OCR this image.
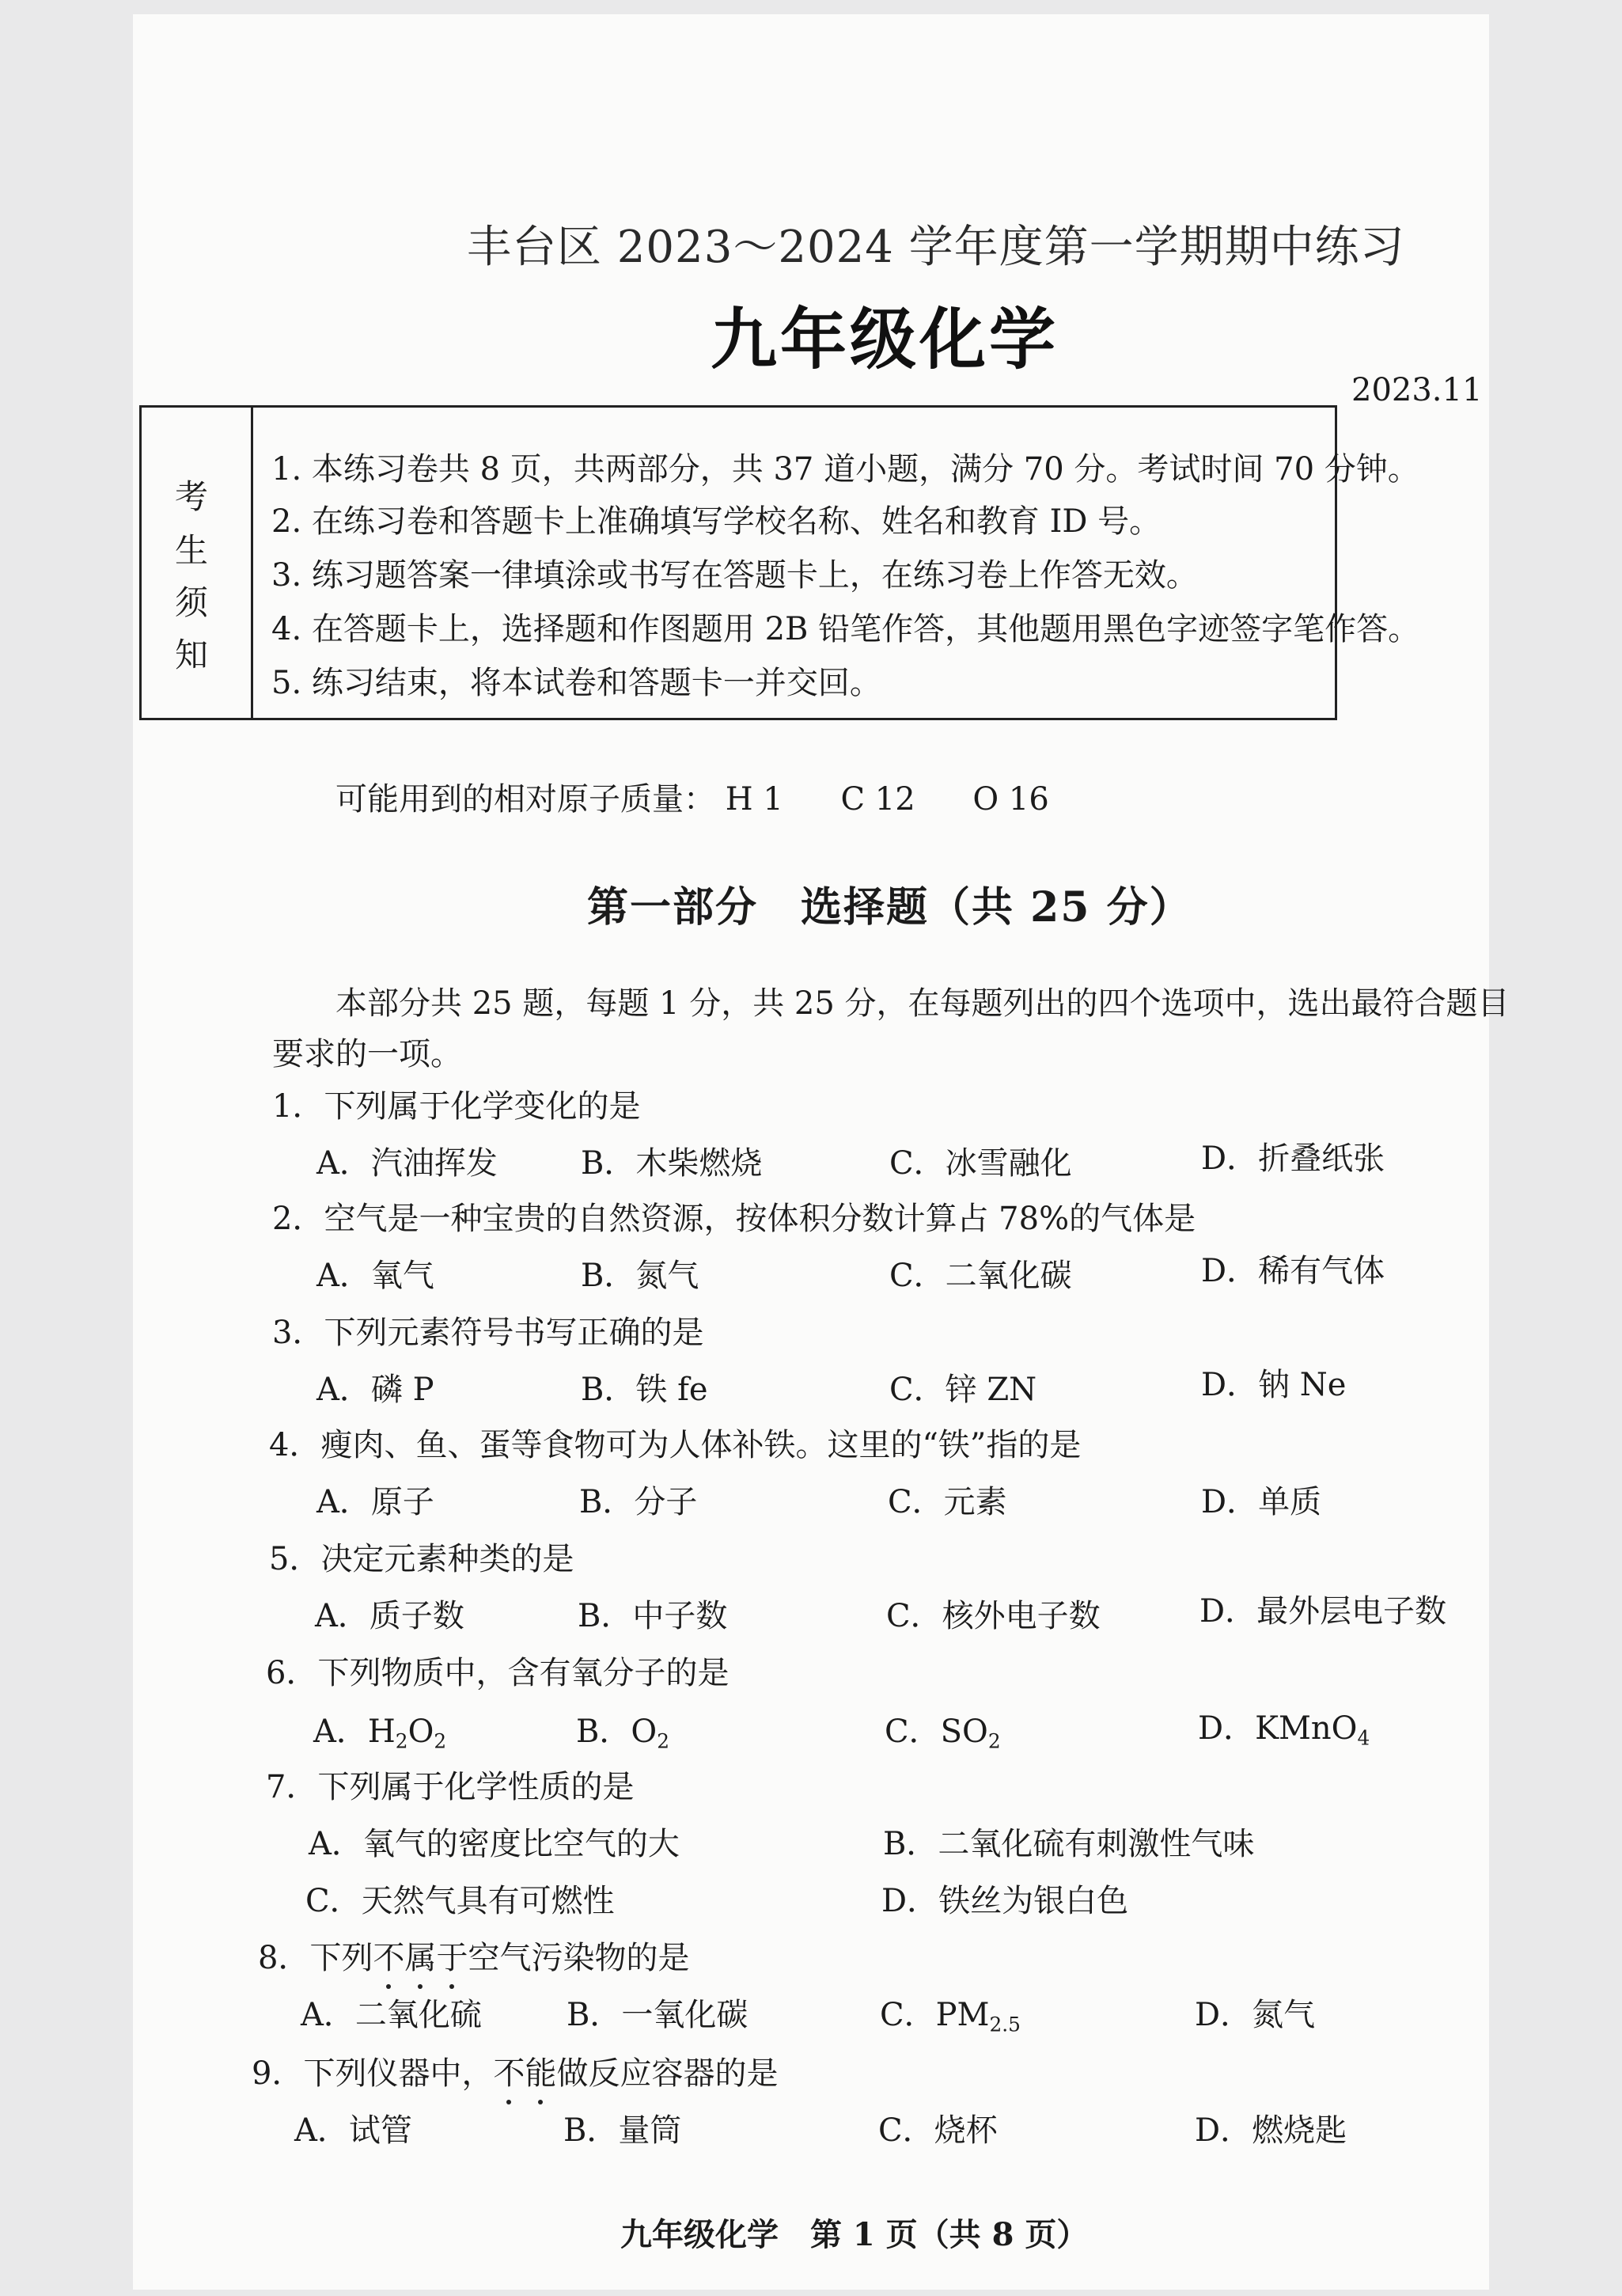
丰台区 2023～2024 学年度第一学期期中练习
九年级化学
2023.11
考
生
须
知
1. 本练习卷共 8 页，共两部分，共 37 道小题，满分 70 分。考试时间 70 分钟。
2. 在练习卷和答题卡上准确填写学校名称、姓名和教育 ID 号。
3. 练习题答案一律填涂或书写在答题卡上，在练习卷上作答无效。
4. 在答题卡上，选择题和作图题用 2B 铅笔作答，其他题用黑色字迹签字笔作答。
5. 练习结束，将本试卷和答题卡一并交回。
可能用到的相对原子质量： H 1 C 12 O 16
第一部分　选择题（共 25 分）
本部分共 25 题，每题 1 分，共 25 分，在每题列出的四个选项中，选出最符合题目
要求的一项。
1．下列属于化学变化的是
A．汽油挥发	B．木柴燃烧	C．冰雪融化	D．折叠纸张
2．空气是一种宝贵的自然资源，按体积分数计算占 78%的气体是
A．氧气	B．氮气	C．二氧化碳	D．稀有气体
3．下列元素符号书写正确的是
A．磷 P	B．铁 fe	C．锌 ZN	D．钠 Ne
4．瘦肉、鱼、蛋等食物可为人体补铁。这里的“铁”指的是
A．原子	B．分子	C．元素	D．单质
5．决定元素种类的是
A．质子数	B．中子数	C．核外电子数	D．最外层电子数
6．下列物质中，含有氧分子的是
A．$H_2O_2$	B．$O_2$	C．$SO_2$	D．KMnO$_4$
7．下列属于化学性质的是
A．氧气的密度比空气的大	B．二氧化硫有刺激性气味
C．天然气具有可燃性	D．铁丝为银白色
8．下列不属于空气污染物的是
A．二氧化硫	B．一氧化碳	C．$PM_{2.5}$	D．氮气
9．下列仪器中，不能做反应容器的是
A．试管	B．量筒	C．烧杯	D．燃烧匙
九年级化学　第 1 页（共 8 页）
